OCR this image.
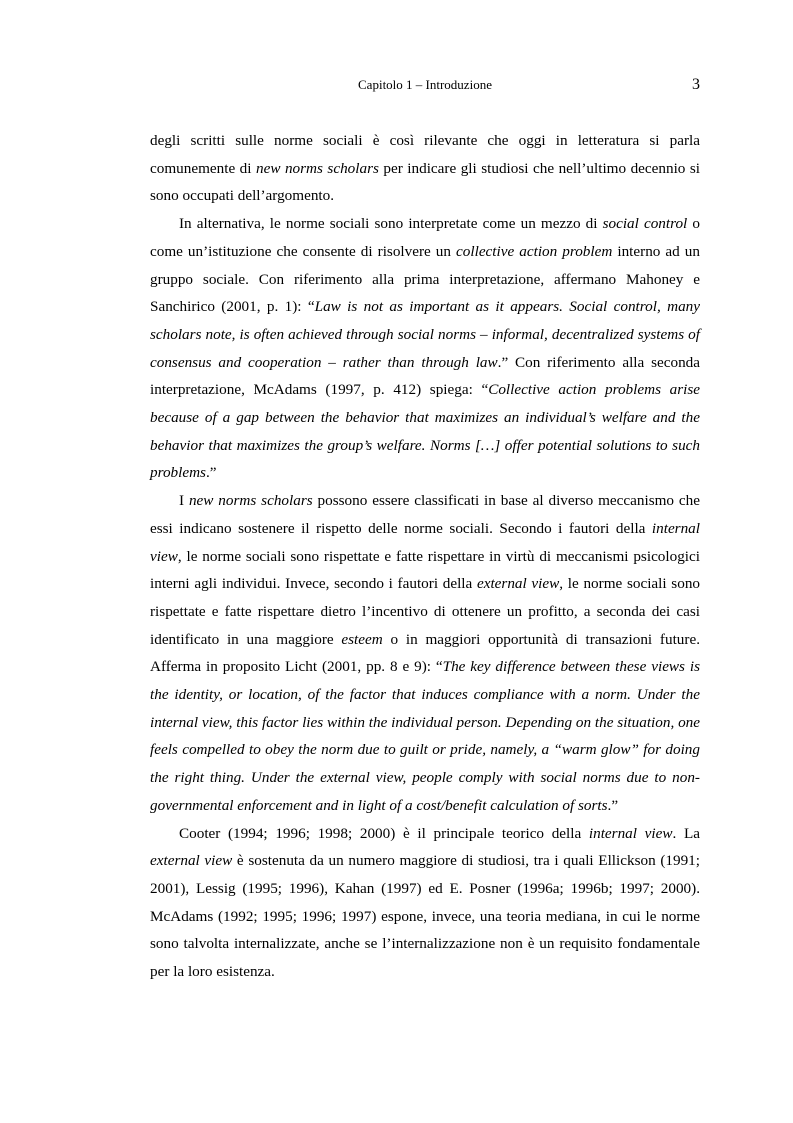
Capitolo 1 – Introduzione	3

degli scritti sulle norme sociali è così rilevante che oggi in letteratura si parla comunemente di new norms scholars per indicare gli studiosi che nell’ultimo decennio si sono occupati dell’argomento.

In alternativa, le norme sociali sono interpretate come un mezzo di social control o come un’istituzione che consente di risolvere un collective action problem interno ad un gruppo sociale. Con riferimento alla prima interpretazione, affermano Mahoney e Sanchirico (2001, p. 1): “Law is not as important as it appears. Social control, many scholars note, is often achieved through social norms – informal, decentralized systems of consensus and cooperation – rather than through law.” Con riferimento alla seconda interpretazione, McAdams (1997, p. 412) spiega: “Collective action problems arise because of a gap between the behavior that maximizes an individual’s welfare and the behavior that maximizes the group’s welfare. Norms […] offer potential solutions to such problems.”

I new norms scholars possono essere classificati in base al diverso meccanismo che essi indicano sostenere il rispetto delle norme sociali. Secondo i fautori della internal view, le norme sociali sono rispettate e fatte rispettare in virtù di meccanismi psicologici interni agli individui. Invece, secondo i fautori della external view, le norme sociali sono rispettate e fatte rispettare dietro l’incentivo di ottenere un profitto, a seconda dei casi identificato in una maggiore esteem o in maggiori opportunità di transazioni future. Afferma in proposito Licht (2001, pp. 8 e 9): “The key difference between these views is the identity, or location, of the factor that induces compliance with a norm. Under the internal view, this factor lies within the individual person. Depending on the situation, one feels compelled to obey the norm due to guilt or pride, namely, a “warm glow” for doing the right thing. Under the external view, people comply with social norms due to non-governmental enforcement and in light of a cost/benefit calculation of sorts.”

Cooter (1994; 1996; 1998; 2000) è il principale teorico della internal view. La external view è sostenuta da un numero maggiore di studiosi, tra i quali Ellickson (1991; 2001), Lessig (1995; 1996), Kahan (1997) ed E. Posner (1996a; 1996b; 1997; 2000). McAdams (1992; 1995; 1996; 1997) espone, invece, una teoria mediana, in cui le norme sono talvolta internalizzate, anche se l’internalizzazione non è un requisito fondamentale per la loro esistenza.
